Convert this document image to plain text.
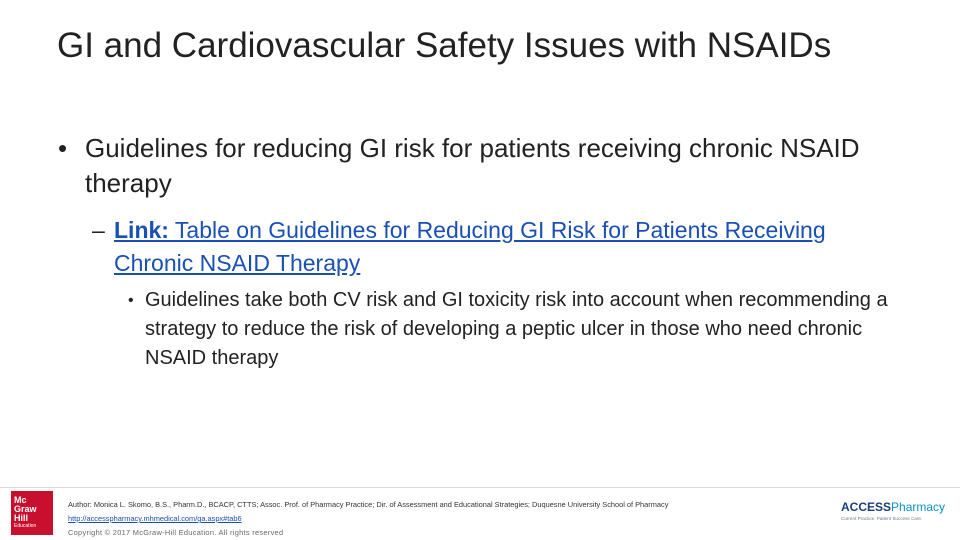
GI and Cardiovascular Safety Issues with NSAIDs
• Guidelines for reducing GI risk for patients receiving chronic NSAID therapy
– Link: Table on Guidelines for Reducing GI Risk for Patients Receiving Chronic NSAID Therapy
• Guidelines take both CV risk and GI toxicity risk into account when recommending a strategy to reduce the risk of developing a peptic ulcer in those who need chronic NSAID therapy
Mc
Graw
Hill
Education
Author: Monica L. Skomo, B.S., Pharm.D., BCACP, CTTS; Assoc. Prof. of Pharmacy Practice; Dir. of Assessment and Educational Strategies; Duquesne University School of Pharmacy
http://accesspharmacy.mhmedical.com/ga.aspx#tab6
Copyright © 2017 McGraw-Hill Education. All rights reserved
ACCESSPharmacy
Current Practice. Patient Success Care.
